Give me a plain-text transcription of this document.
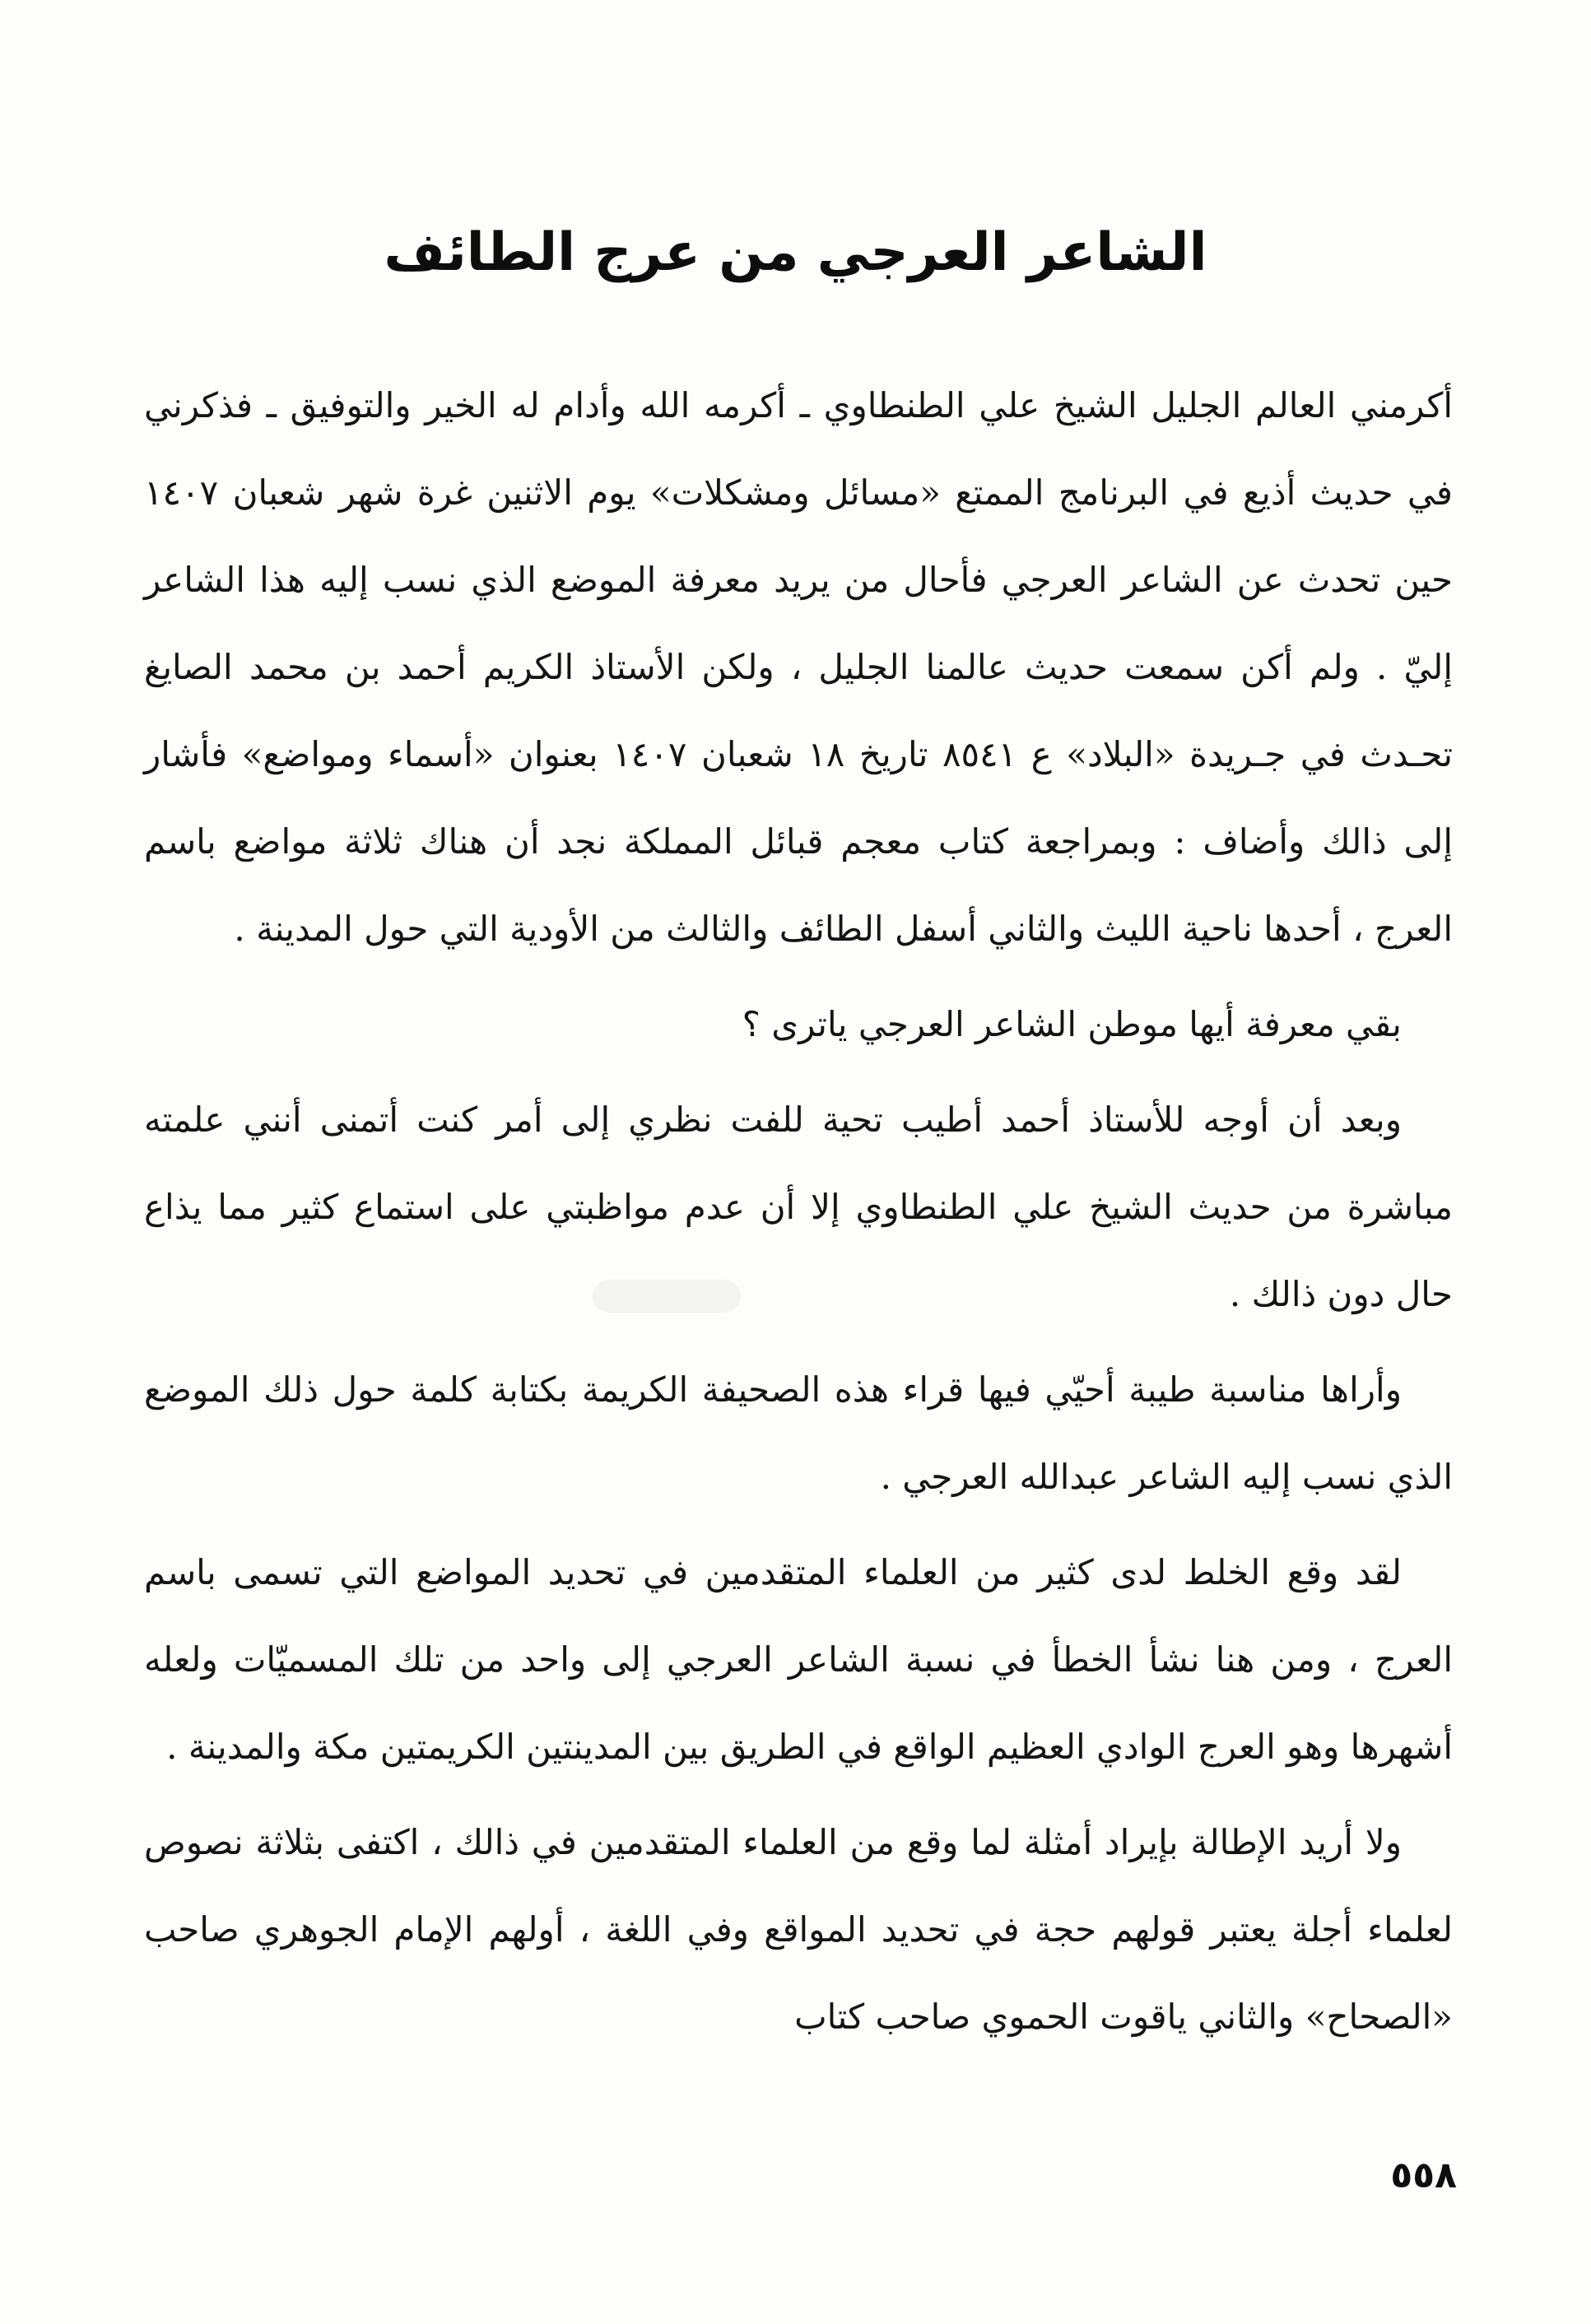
الشاعر العرجي من عرج الطائف

أكرمني العالم الجليل الشيخ علي الطنطاوي ـ أكرمه الله وأدام له الخير والتوفيق ـ فذكرني في حديث أذيع في البرنامج الممتع «مسائل ومشكلات» يوم الاثنين غرة شهر شعبان ١٤٠٧ حين تحدث عن الشاعر العرجي فأحال من يريد معرفة الموضع الذي نسب إليه هذا الشاعر إليّ . ولم أكن سمعت حديث عالمنا الجليل ، ولكن الأستاذ الكريم أحمد بن محمد الصايغ تحـدث في جـريدة «البلاد» ع ٨٥٤١ تاريخ ١٨ شعبان ١٤٠٧ بعنوان «أسماء ومواضع» فأشار إلى ذالك وأضاف : وبمراجعة كتاب معجم قبائل المملكة نجد أن هناك ثلاثة مواضع باسم العرج ، أحدها ناحية الليث والثاني أسفل الطائف والثالث من الأودية التي حول المدينة .

بقي معرفة أيها موطن الشاعر العرجي ياترى ؟

وبعد أن أوجه للأستاذ أحمد أطيب تحية للفت نظري إلى أمر كنت أتمنى أنني علمته مباشرة من حديث الشيخ علي الطنطاوي إلا أن عدم مواظبتي على استماع كثير مما يذاع حال دون ذالك .

وأراها مناسبة طيبة أحيّي فيها قراء هذه الصحيفة الكريمة بكتابة كلمة حول ذلك الموضع الذي نسب إليه الشاعر عبدالله العرجي .

لقد وقع الخلط لدى كثير من العلماء المتقدمين في تحديد المواضع التي تسمى باسم العرج ، ومن هنا نشأ الخطأ في نسبة الشاعر العرجي إلى واحد من تلك المسميّات ولعله أشهرها وهو العرج الوادي العظيم الواقع في الطريق بين المدينتين الكريمتين مكة والمدينة .

ولا أريد الإطالة بإيراد أمثلة لما وقع من العلماء المتقدمين في ذالك ، اكتفى بثلاثة نصوص لعلماء أجلة يعتبر قولهم حجة في تحديد المواقع وفي اللغة ، أولهم الإمام الجوهري صاحب «الصحاح» والثاني ياقوت الحموي صاحب كتاب

٥٥٨
